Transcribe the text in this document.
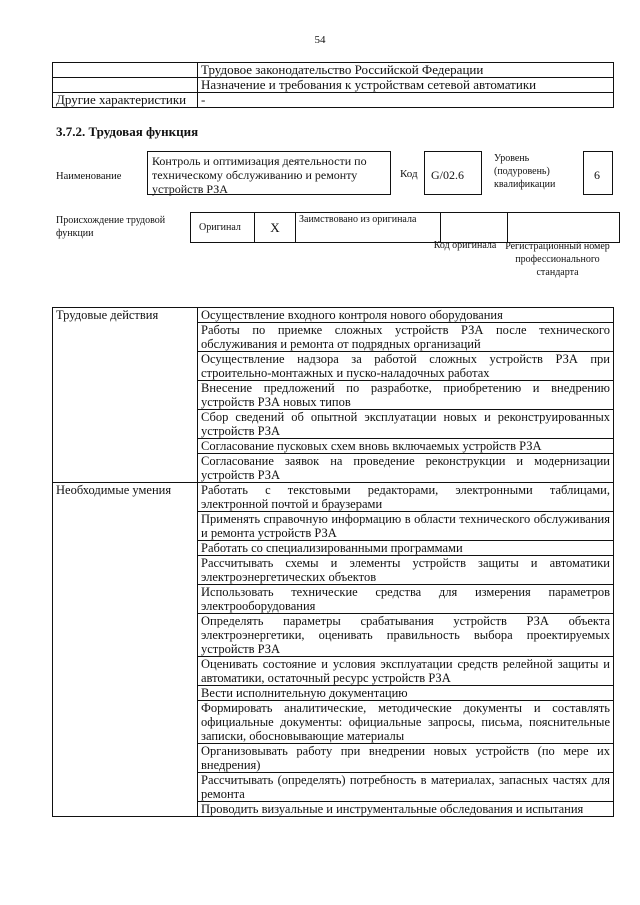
54
	Трудовое законодательство Российской Федерации
	Назначение и требования к устройствам сетевой автоматики
Другие характеристики	-
3.7.2. Трудовая функция
Наименование
Контроль и оптимизация деятельности по техническому обслуживанию и ремонту устройств РЗА
Код	G/02.6
Уровень (подуровень) квалификации
6
Происхождение трудовой функции
Оригинал	X	Заимствовано из оригинала		
Код оригинала Регистрационный номер профессионального стандарта
Трудовые действия	Осуществление входного контроля нового оборудования
	Работы по приемке сложных устройств РЗА после технического обслуживания и ремонта от подрядных организаций
	Осуществление надзора за работой сложных устройств РЗА при строительно-монтажных и пуско-наладочных работах
	Внесение предложений по разработке, приобретению и внедрению устройств РЗА новых типов
	Сбор сведений об опытной эксплуатации новых и реконструированных устройств РЗА
	Согласование пусковых схем вновь включаемых устройств РЗА
	Согласование заявок на проведение реконструкции и модернизации устройств РЗА
Необходимые умения	Работать с текстовыми редакторами, электронными таблицами, электронной почтой и браузерами
	Применять справочную информацию в области технического обслуживания и ремонта устройств РЗА
	Работать со специализированными программами
	Рассчитывать схемы и элементы устройств защиты и автоматики электроэнергетических объектов
	Использовать технические средства для измерения параметров электрооборудования
	Определять параметры срабатывания устройств РЗА объекта электроэнергетики, оценивать правильность выбора проектируемых устройств РЗА
	Оценивать состояние и условия эксплуатации средств релейной защиты и автоматики, остаточный ресурс устройств РЗА
	Вести исполнительную документацию
	Формировать аналитические, методические документы и составлять официальные документы: официальные запросы, письма, пояснительные записки, обосновывающие материалы
	Организовывать работу при внедрении новых устройств (по мере их внедрения)
	Рассчитывать (определять) потребность в материалах, запасных частях для ремонта
	Проводить визуальные и инструментальные обследования и испытания
